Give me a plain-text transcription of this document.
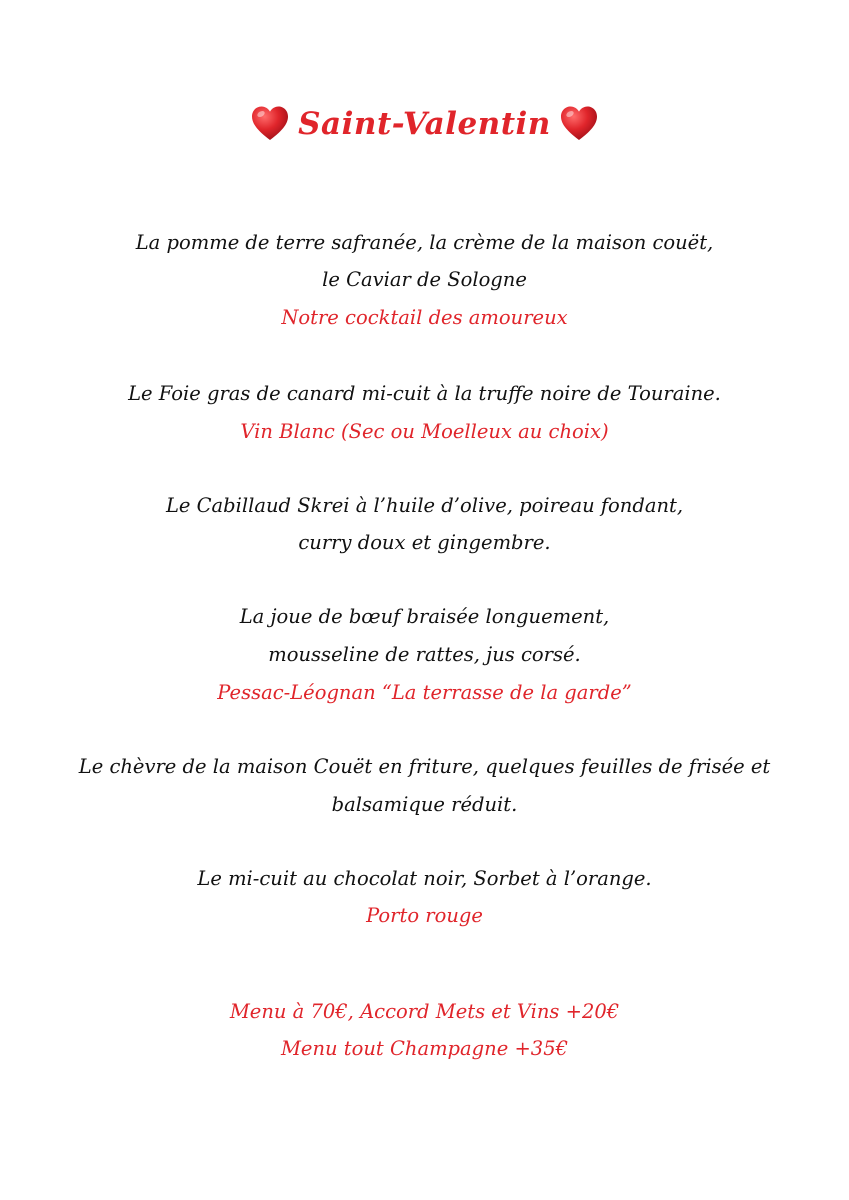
Saint-Valentin
La pomme de terre safranée, la crème de la maison couët,
le Caviar de Sologne
Notre cocktail des amoureux
Le Foie gras de canard mi-cuit à la truffe noire de Touraine.
Vin Blanc (Sec ou Moelleux au choix)
Le Cabillaud Skrei à l’huile d’olive, poireau fondant,
curry doux et gingembre.
La joue de bœuf braisée longuement,
mousseline de rattes, jus corsé.
Pessac-Léognan “La terrasse de la garde”
Le chèvre de la maison Couët en friture, quelques feuilles de frisée et
balsamique réduit.
Le mi-cuit au chocolat noir, Sorbet à l’orange.
Porto rouge
Menu à 70€, Accord Mets et Vins +20€
Menu tout Champagne +35€
